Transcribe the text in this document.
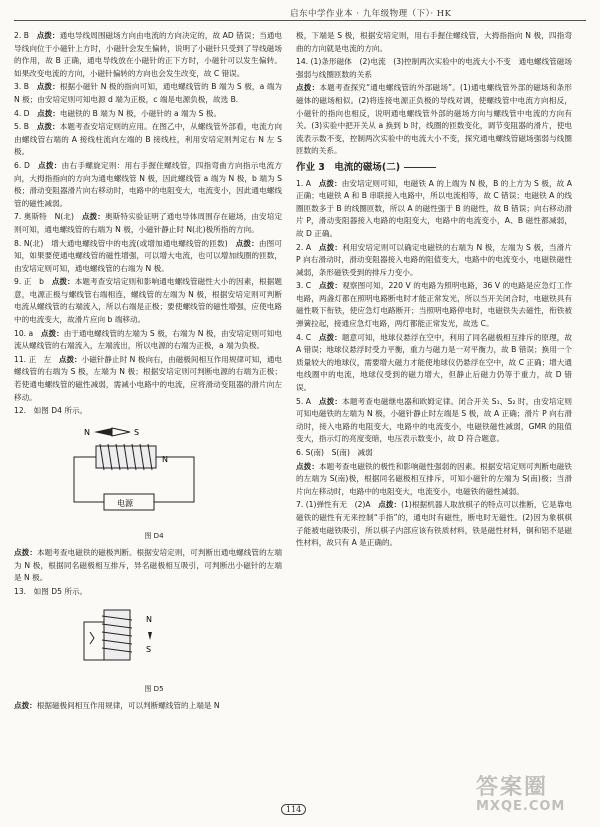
启东中学作业本 · 九年级物理（下）· HK
2. B　 点拨：通电导线周围磁场方向由电流的方向决定的，故 AD 错误；当通电导线向位于小磁针上方时，小磁针会发生偏转，说明了小磁针只受到了导线磁场的作用，故 B 正确，通电导线放在小磁针的正下方时，小磁针可以发生偏转。如果改变电流的方向，小磁针偏转的方向也会发生改变，故 C 错误。
3. B　 点拨：根据小磁针 N 极的指向可知，通电螺线管的 B 端为 S 极，a 端为 N 极；由安培定则可知电源 d 端为正极，c 端是电源负极，故选 B.
4. D　 点拨：电磁铁的 B 端为 N 极，小磁针的 a 端为 S 极。
5. B　 点拨：本题考查安培定则的应用。在图乙中，从螺线管外部看，电流方向由螺线管右端的 A 接线柱流向左端的 B 接线柱，利用安培定则判定右 N 左 S 极。
6. D　 点拨：由右手螺旋定则：用右手握住螺线管，四指弯曲方向指示电流方向，大拇指指向的方向为通电螺线管 N 极，因此螺线管 a 端为 N 极，b 端为 S 极；滑动变阻器滑片向右移动时，电路中的电阻变大，电流变小，因此通电螺线管的磁性减弱。
7. 奥斯特　N(北)　 点拨：奥斯特实验证明了通电导体周围存在磁场，由安培定则可知，通电螺线管的右端为 N 极，小磁针静止时 N(北)极所指的方向。
8. N(北)　增大通电螺线管中的电流(或增加通电螺线管的匝数)　 点拨：由图可知，如果要使通电螺线管的磁性增强，可以增大电流，也可以增加线圈的匝数，由安培定则可知，通电螺线管的右端为 N 极。
9. 正　b　 点拨：本题考查安培定则和影响通电螺线管磁性大小的因素，根据题意，电源正极与螺线管右端相连，螺线管的左端为 N 极，根据安培定则可判断电流从螺线管的右端流入，所以右端是正极；要使螺线管的磁性增强，应使电路中的电流变大，故滑片应向 b 端移动。
10. a　 点拨：由于通电螺线管的左端为 S 极，右端为 N 极，由安培定则可知电流从螺线管的右端流入，左端流出，所以电源的右端为正极，a 端为负极。
11. 正　左　 点拨：小磁针静止时 N 极向右，由磁极间相互作用规律可知，通电螺线管的右端为 S 极，左端为 N 极；根据安培定则可判断电源的右端为正极；若使通电螺线管的磁性减弱，需减小电路中的电流，应将滑动变阻器的滑片向左移动。
12.　 如图 D4 所示。
N	S
N
电源
图 D4
点拨：本题考查电磁铁的磁极判断。根据安培定则，可判断出通电螺线管的左端为 N 极，根据同名磁极相互排斥，异名磁极相互吸引，可判断出小磁针的左端是 N 极。
13.　 如图 D5 所示。
N
S
图 D5
点拨：根据磁极间相互作用规律，可以判断螺线管的上端是 N
极，下端是 S 极，根据安培定则，用右手握住螺线管，大拇指指向 N 极，四指弯曲的方向就是电流的方向。
14. (1)条形磁体　(2)电流　(3)控制两次实验中的电流大小不变　通电螺线管磁场强弱与线圈匝数的关系　
点拨：本题考查探究“通电螺线管的外部磁场”。(1)通电螺线管外部的磁场和条形磁体的磁场相似。(2)将连接电源正负极的导线对调，使螺线管中电流方向相反，小磁针的指向也相反，说明通电螺线管外部的磁场方向与螺线管中电流的方向有关。(3)实验中把开关从 a 换到 b 时，线圈的匝数变化，调节变阻器的滑片，使电流表示数不变，控制两次实验中的电流大小不变，探究通电螺线管磁场强弱与线圈匝数的关系。
作业 3　电流的磁场(二)
1. A　 点拨：由安培定则可知，电磁铁 A 的上端为 N 极，B 的上方为 S 极，故 A 正确；电磁铁 A 和 B 串联接入电路中，所以电流相等，故 C 错误；电磁铁 A 的线圈匝数多于 B 的线圈匝数，所以 A 的磁性强于 B 的磁性，故 B 错误；向右移动滑片 P，滑动变阻器接入电路的电阻变大，电路中的电流变小，A、B 磁性都减弱，故 D 正确。
2. A　 点拨：利用安培定则可以确定电磁铁的右端为 N 极，左端为 S 极，当滑片 P 向右滑动时，滑动变阻器接入电路的阻值变大，电路中的电流变小，电磁铁磁性减弱，条形磁铁受到的排斥力变小。
3. C　 点拨：观察图可知，220 V 的电路为照明电路，36 V 的电路是应急灯工作电路，两盏灯都在照明电路断电时才能正常发光，所以当开关闭合时，电磁铁具有磁性吸下衔铁，使应急灯电路断开；当照明电路停电时，电磁铁失去磁性，衔铁被弹簧拉起，接通应急灯电路，两灯都能正常发光，故选 C。
4. C　 点拨：题意可知，地球仪悬浮在空中，利用了同名磁极相互排斥的原理，故 A 错误；地球仪悬浮时受力平衡，重力与磁力是一对平衡力，故 B 错误；换用一个质量较大的地球仪，需要增大磁力才能使地球仪仍悬浮在空中，故 C 正确；增大通电线圈中的电流，地球仪受到的磁力增大，但静止后磁力仍等于重力，故 D 错误。
5. A　 点拨：本题考查电磁继电器和欧姆定律。闭合开关 S₁、S₂ 时，由安培定则可知电磁铁的左端为 N 极，小磁针静止时左端是 S 极，故 A 正确；滑片 P 向右滑动时，接入电路的电阻变大，电路中的电流变小，电磁铁磁性减弱，GMR 的阻值变大，指示灯的亮度变暗，电压表示数变小，故 D 符合题意。
6. S(南)　S(南)　减弱　
点拨：本题考查电磁铁的极性和影响磁性强弱的因素。根据安培定则可判断电磁铁的左端为 S(南)极，根据同名磁极相互排斥，可知小磁针的左端为 S(南)极；当滑片向左移动时，电路中的电阻变大，电流变小，电磁铁的磁性减弱。
7. (1)弹性有无　(2)A　 点拨：(1)根据机器人取放棋子的特点可以推断，它是靠电磁铁的磁性有无来控制“手指”的，通电时有磁性，断电时无磁性。(2)因为象棋棋子能被电磁铁吸引，所以棋子内部应该有铁质材料，铁是磁性材料，铜和铝不是磁性材料，故只有 A 是正确的。
114
答案圈
MXQE.COM
